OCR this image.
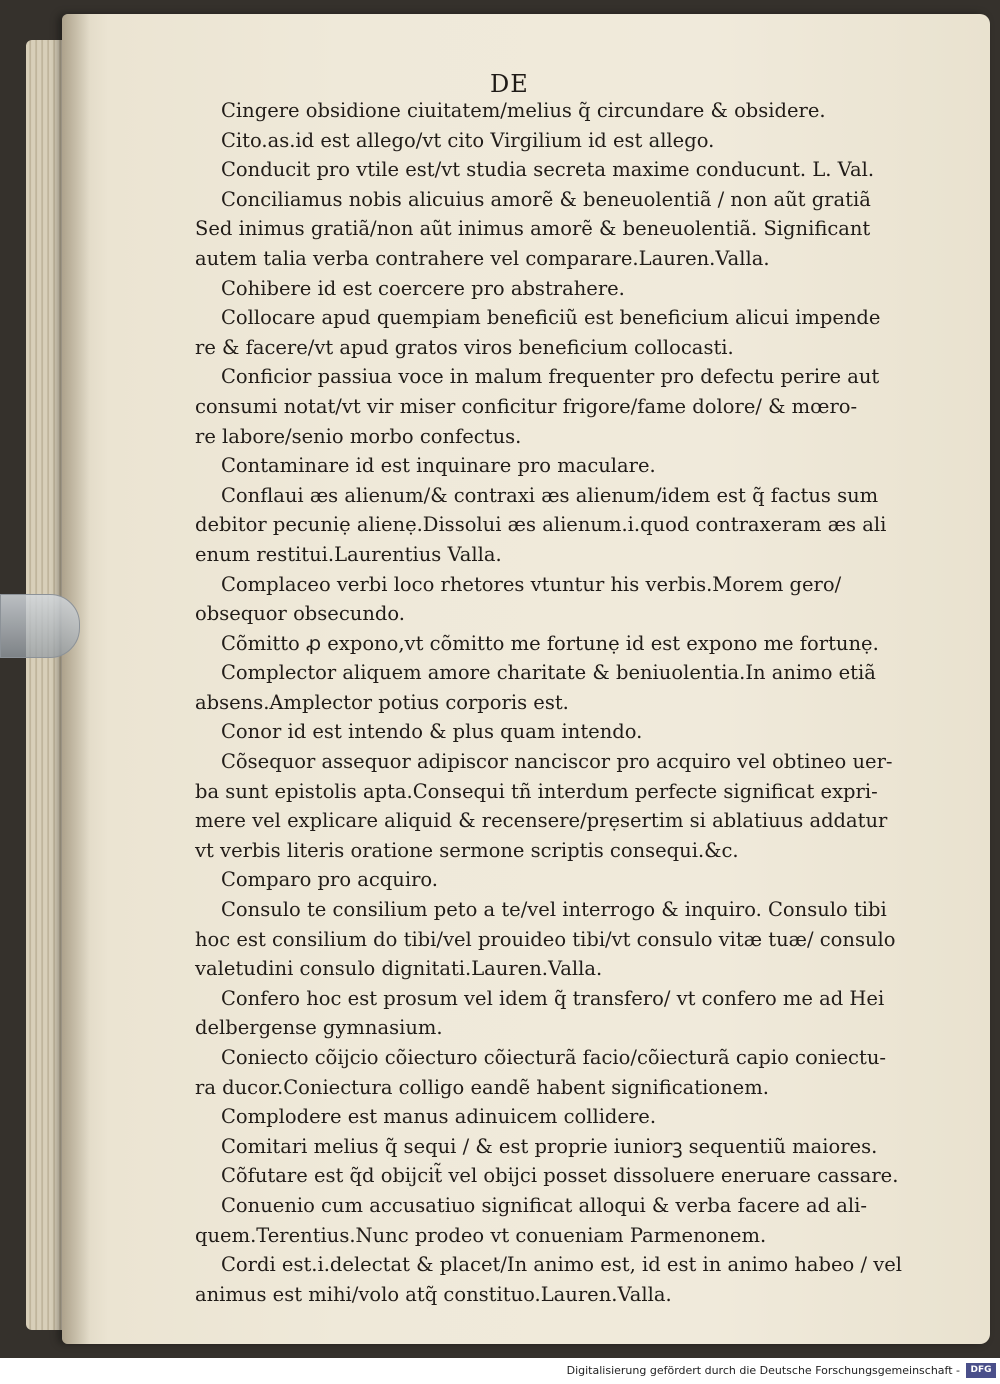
DE
Cingere obsidione ciuitatem/melius q̃ circundare & obsidere.
Cito.as.id est allego/vt cito Virgilium id est allego.
Conducit pro vtile est/vt studia secreta maxime conducunt. L. Val.
Conciliamus nobis alicuius amorẽ & beneuolentiã / non aũt gratiã
Sed inimus gratiã/non aũt inimus amorẽ & beneuolentiã. Significant
autem talia verba contrahere vel comparare.Lauren.Valla.
Cohibere id est coercere pro abstrahere.
Collocare apud quempiam beneficiũ est beneficium alicui impende
re & facere/vt apud gratos viros beneficium collocasti.
Conficior passiua voce in malum frequenter pro defectu perire aut
consumi notat/vt vir miser conficitur frigore/fame dolore/ & mœro-
re labore/senio morbo confectus.
Contaminare id est inquinare pro maculare.
Conflaui æs alienum/& contraxi æs alienum/idem est q̃ factus sum
debitor pecuniẹ alienẹ.Dissolui æs alienum.i.quod contraxeram æs ali
enum restitui.Laurentius Valla.
Complaceo verbi loco rhetores vtuntur his verbis.Morem gero/
obsequor obsecundo.
Cõmitto ꝓ expono,vt cõmitto me fortunẹ id est expono me fortunẹ.
Complector aliquem amore charitate & beniuolentia.In animo etiã
absens.Amplector potius corporis est.
Conor id est intendo & plus quam intendo.
Cõsequor assequor adipiscor nanciscor pro acquiro vel obtineo uer-
ba sunt epistolis apta.Consequi tñ interdum perfecte significat expri-
mere vel explicare aliquid & recensere/prẹsertim si ablatiuus addatur
vt verbis literis oratione sermone scriptis consequi.&c.
Comparo pro acquiro.
Consulo te consilium peto a te/vel interrogo & inquiro. Consulo tibi
hoc est consilium do tibi/vel prouideo tibi/vt consulo vitæ tuæ/ consulo
valetudini consulo dignitati.Lauren.Valla.
Confero hoc est prosum vel idem q̃ transfero/ vt confero me ad Hei
delbergense gymnasium.
Coniecto cõijcio cõiecturo cõiecturã facio/cõiecturã capio coniectu-
ra ducor.Coniectura colligo eandẽ habent significationem.
Complodere est manus adinuicem collidere.
Comitari melius q̃ sequi / & est proprie iuniorꝫ sequentiũ maiores.
Cõfutare est q̃d obijcit̃ vel obijci posset dissoluere eneruare cassare.
Conuenio cum accusatiuo significat alloqui & verba facere ad ali-
quem.Terentius.Nunc prodeo vt conueniam Parmenonem.
Cordi est.i.delectat & placet/In animo est, id est in animo habeo / vel
animus est mihi/volo atq̃ constituo.Lauren.Valla.
Digitalisierung gefördert durch die Deutsche Forschungsgemeinschaft -	DFG
